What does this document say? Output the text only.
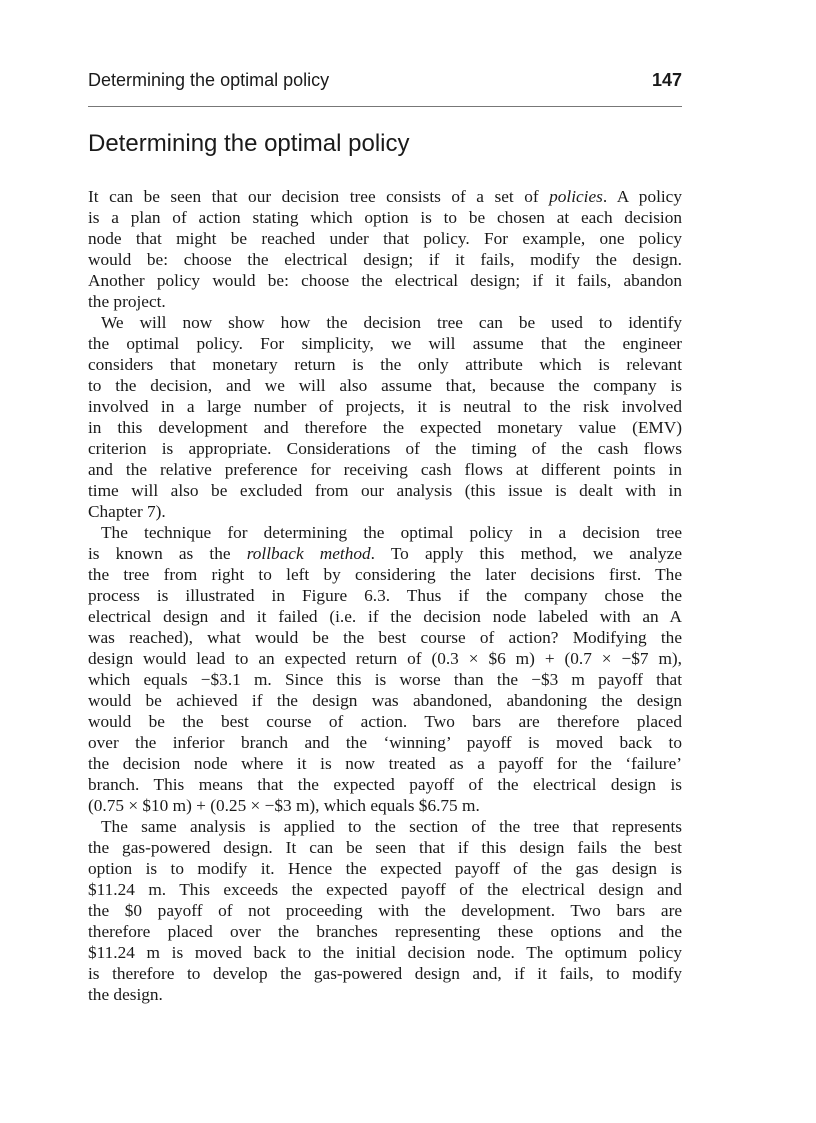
Determining the optimal policy	147
Determining the optimal policy
It can be seen that our decision tree consists of a set of policies. A policy
is a plan of action stating which option is to be chosen at each decision
node that might be reached under that policy. For example, one policy
would be: choose the electrical design; if it fails, modify the design.
Another policy would be: choose the electrical design; if it fails, abandon
the project.
We will now show how the decision tree can be used to identify
the optimal policy. For simplicity, we will assume that the engineer
considers that monetary return is the only attribute which is relevant
to the decision, and we will also assume that, because the company is
involved in a large number of projects, it is neutral to the risk involved
in this development and therefore the expected monetary value (EMV)
criterion is appropriate. Considerations of the timing of the cash flows
and the relative preference for receiving cash flows at different points in
time will also be excluded from our analysis (this issue is dealt with in
Chapter 7).
The technique for determining the optimal policy in a decision tree
is known as the rollback method. To apply this method, we analyze
the tree from right to left by considering the later decisions first. The
process is illustrated in Figure 6.3. Thus if the company chose the
electrical design and it failed (i.e. if the decision node labeled with an A
was reached), what would be the best course of action? Modifying the
design would lead to an expected return of (0.3 × $6 m) + (0.7 × −$7 m),
which equals −$3.1 m. Since this is worse than the −$3 m payoff that
would be achieved if the design was abandoned, abandoning the design
would be the best course of action. Two bars are therefore placed
over the inferior branch and the ‘winning’ payoff is moved back to
the decision node where it is now treated as a payoff for the ‘failure’
branch. This means that the expected payoff of the electrical design is
(0.75 × $10 m) + (0.25 × −$3 m), which equals $6.75 m.
The same analysis is applied to the section of the tree that represents
the gas-powered design. It can be seen that if this design fails the best
option is to modify it. Hence the expected payoff of the gas design is
$11.24 m. This exceeds the expected payoff of the electrical design and
the $0 payoff of not proceeding with the development. Two bars are
therefore placed over the branches representing these options and the
$11.24 m is moved back to the initial decision node. The optimum policy
is therefore to develop the gas-powered design and, if it fails, to modify
the design.
